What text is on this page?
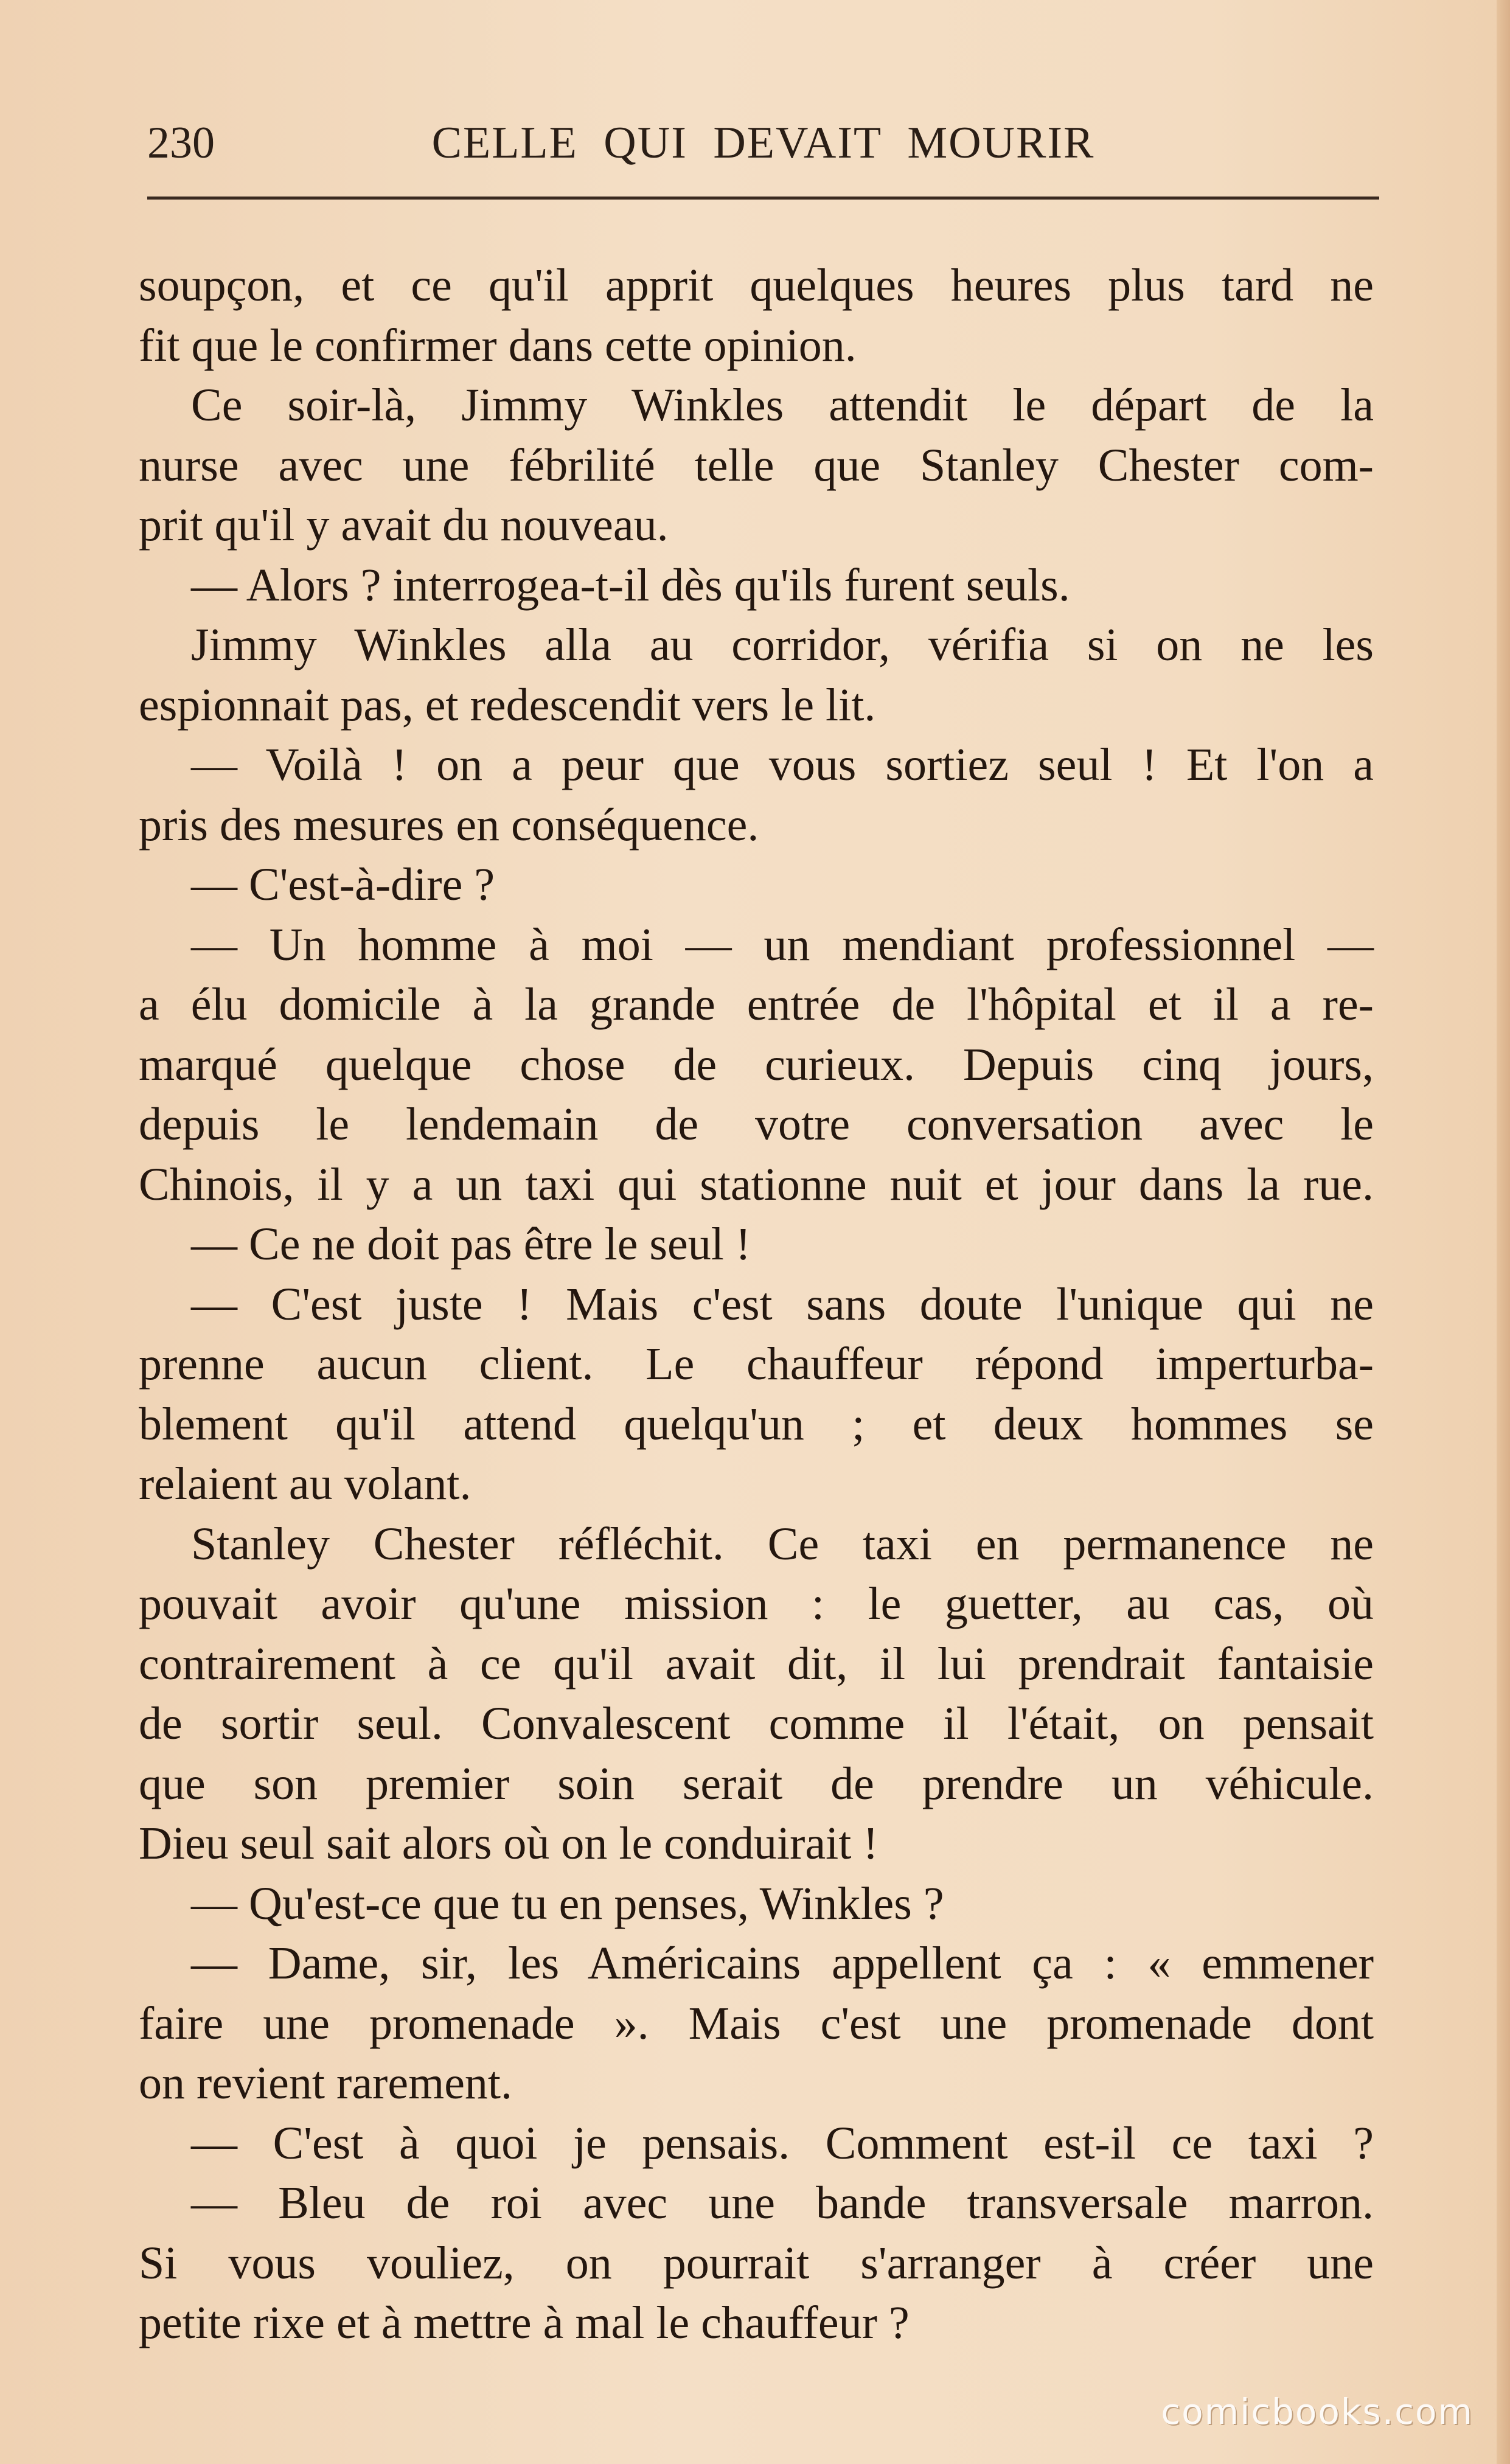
230	CELLE QUI DEVAIT MOURIR
soupçon, et ce qu'il apprit quelques heures plus tard ne
fit que le confirmer dans cette opinion.
Ce soir-là, Jimmy Winkles attendit le départ de la
nurse avec une fébrilité telle que Stanley Chester com-
prit qu'il y avait du nouveau.
— Alors ? interrogea-t-il dès qu'ils furent seuls.
Jimmy Winkles alla au corridor, vérifia si on ne les
espionnait pas, et redescendit vers le lit.
— Voilà ! on a peur que vous sortiez seul ! Et l'on a
pris des mesures en conséquence.
— C'est-à-dire ?
— Un homme à moi — un mendiant professionnel —
a élu domicile à la grande entrée de l'hôpital et il a re-
marqué quelque chose de curieux. Depuis cinq jours,
depuis le lendemain de votre conversation avec le
Chinois, il y a un taxi qui stationne nuit et jour dans la rue.
— Ce ne doit pas être le seul !
— C'est juste ! Mais c'est sans doute l'unique qui ne
prenne aucun client. Le chauffeur répond imperturba-
blement qu'il attend quelqu'un ; et deux hommes se
relaient au volant.
Stanley Chester réfléchit. Ce taxi en permanence ne
pouvait avoir qu'une mission : le guetter, au cas, où
contrairement à ce qu'il avait dit, il lui prendrait fantaisie
de sortir seul. Convalescent comme il l'était, on pensait
que son premier soin serait de prendre un véhicule.
Dieu seul sait alors où on le conduirait !
— Qu'est-ce que tu en penses, Winkles ?
— Dame, sir, les Américains appellent ça : « emmener
faire une promenade ». Mais c'est une promenade dont
on revient rarement.
— C'est à quoi je pensais. Comment est-il ce taxi ?
— Bleu de roi avec une bande transversale marron.
Si vous vouliez, on pourrait s'arranger à créer une
petite rixe et à mettre à mal le chauffeur ?
comicbooks.com
